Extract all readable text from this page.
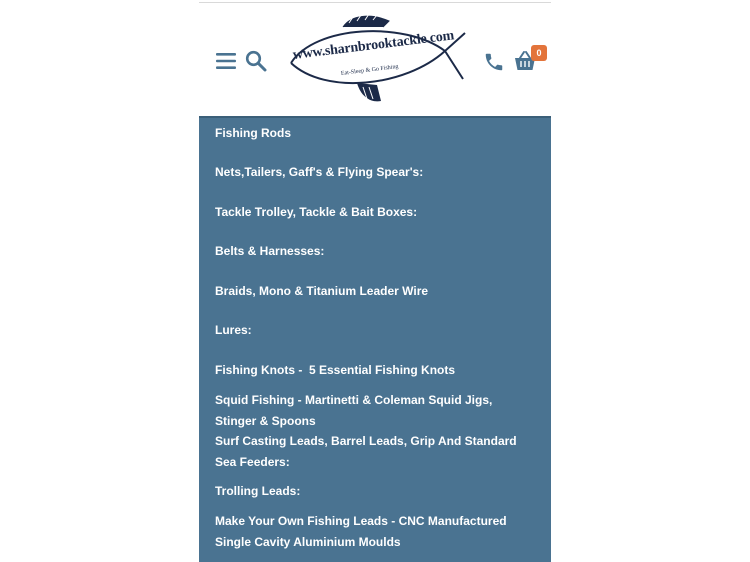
www.sharnbrooktackle.com
Eat-Sleep & Go Fishing
0
Fishing Rods
Nets,Tailers, Gaff's & Flying Spear's:
Tackle Trolley, Tackle & Bait Boxes:
Belts & Harnesses:
Braids, Mono & Titanium Leader Wire
Lures:
Fishing Knots -  5 Essential Fishing Knots
Squid Fishing - Martinetti & Coleman Squid Jigs, Stinger & Spoons
Surf Casting Leads, Barrel Leads, Grip And Standard Sea Feeders:
Trolling Leads:
Make Your Own Fishing Leads - CNC Manufactured Single Cavity Aluminium Moulds
